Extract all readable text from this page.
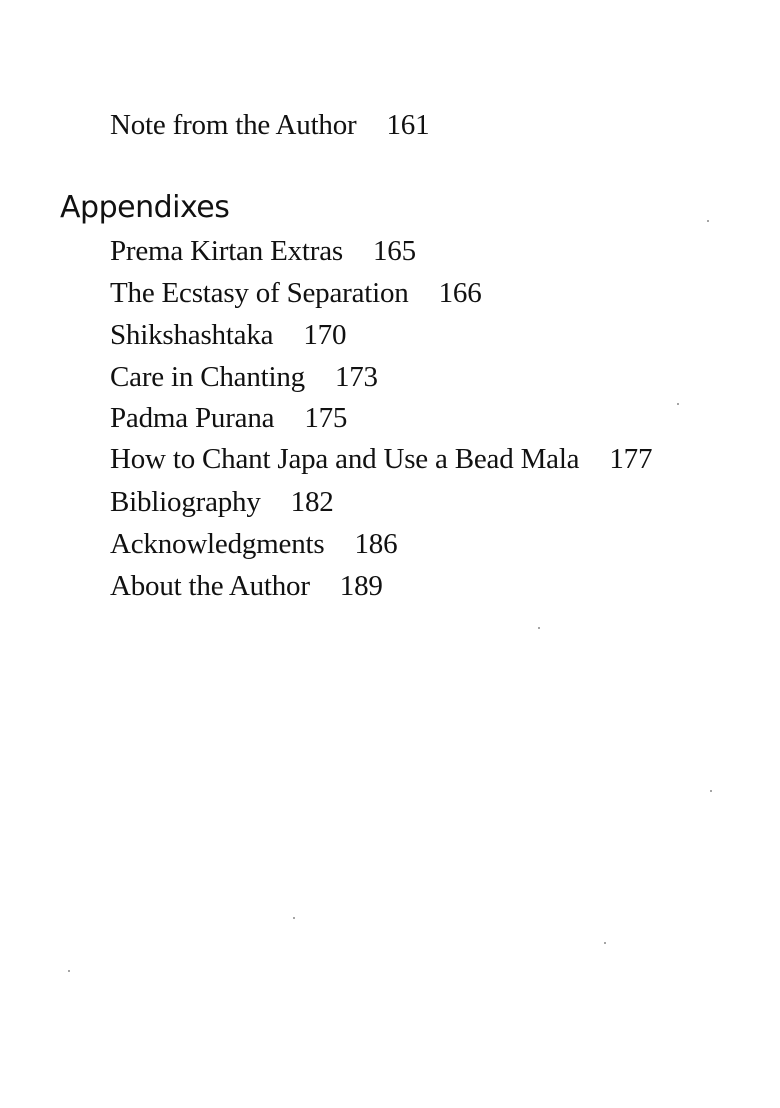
Note from the Author 161
Appendixes
Prema Kirtan Extras 165
The Ecstasy of Separation 166
Shikshashtaka 170
Care in Chanting 173
Padma Purana 175
How to Chant Japa and Use a Bead Mala 177
Bibliography 182
Acknowledgments 186
About the Author 189
